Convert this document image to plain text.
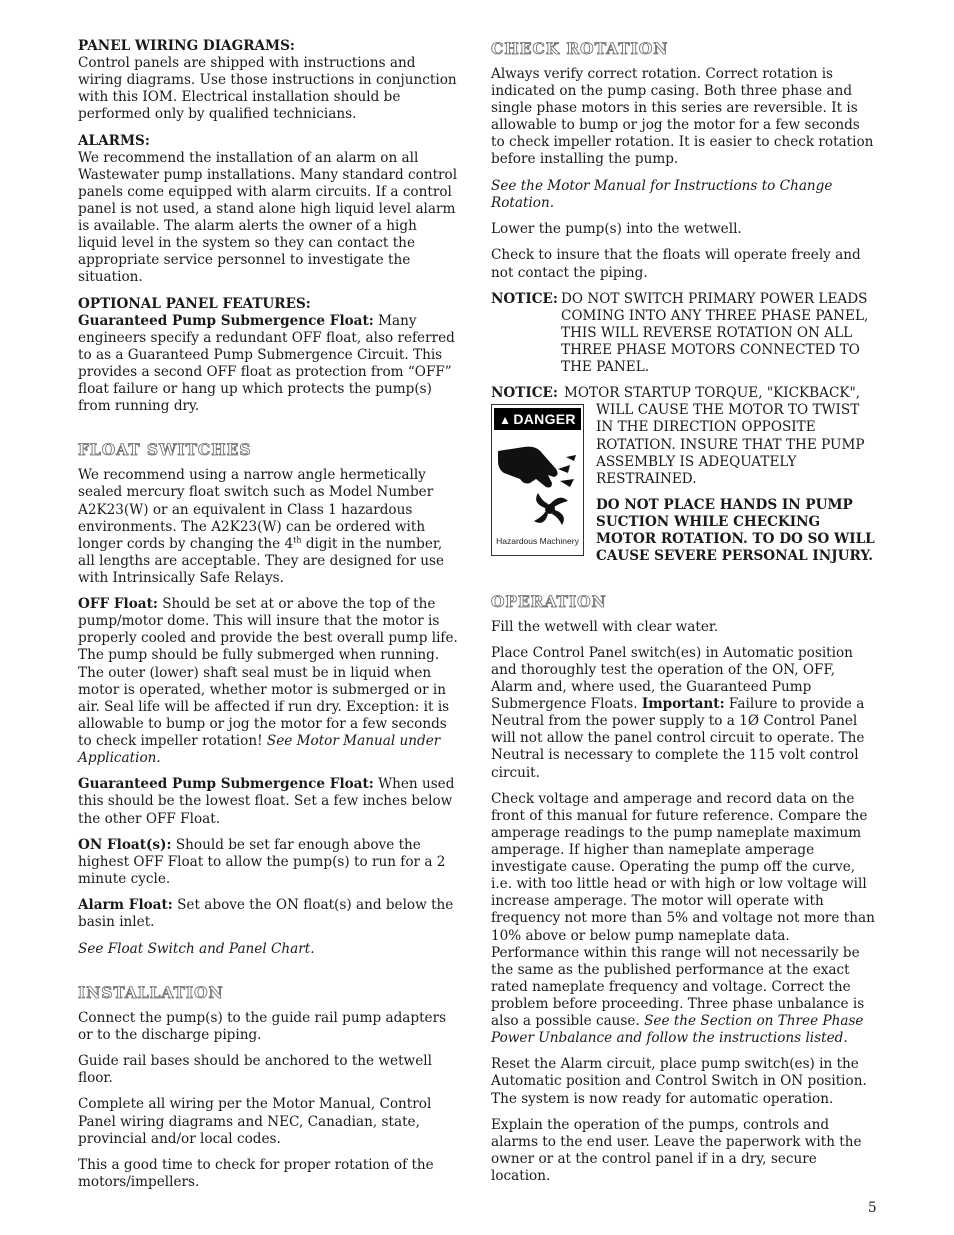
PANEL WIRING DIAGRAMS:
Control panels are shipped with instructions and wiring diagrams. Use those instructions in conjunction with this IOM. Electrical installation should be performed only by qualified technicians.

ALARMS:
We recommend the installation of an alarm on all Wastewater pump installations. Many standard control panels come equipped with alarm circuits. If a control panel is not used, a stand alone high liquid level alarm is available. The alarm alerts the owner of a high liquid level in the system so they can contact the appropriate service personnel to investigate the situation.

OPTIONAL PANEL FEATURES:
Guaranteed Pump Submergence Float: Many engineers specify a redundant OFF float, also referred to as a Guaranteed Pump Submergence Circuit. This provides a second OFF float as protection from “OFF” float failure or hang up which protects the pump(s) from running dry.

FLOAT SWITCHES

We recommend using a narrow angle hermetically sealed mercury float switch such as Model Number A2K23(W) or an equivalent in Class 1 hazardous environments. The A2K23(W) can be ordered with longer cords by changing the 4th digit in the number, all lengths are acceptable. They are designed for use with Intrinsically Safe Relays.

OFF Float: Should be set at or above the top of the pump/motor dome. This will insure that the motor is properly cooled and provide the best overall pump life. The pump should be fully submerged when running. The outer (lower) shaft seal must be in liquid when motor is operated, whether motor is submerged or in air. Seal life will be affected if run dry. Exception: it is allowable to bump or jog the motor for a few seconds to check impeller rotation! See Motor Manual under Application.

Guaranteed Pump Submergence Float: When used this should be the lowest float. Set a few inches below the other OFF Float.

ON Float(s): Should be set far enough above the highest OFF Float to allow the pump(s) to run for a 2 minute cycle.

Alarm Float: Set above the ON float(s) and below the basin inlet.

See Float Switch and Panel Chart.

INSTALLATION

Connect the pump(s) to the guide rail pump adapters or to the discharge piping.

Guide rail bases should be anchored to the wetwell floor.

Complete all wiring per the Motor Manual, Control Panel wiring diagrams and NEC, Canadian, state, provincial and/or local codes.

This a good time to check for proper rotation of the motors/impellers.

CHECK ROTATION

Always verify correct rotation. Correct rotation is indicated on the pump casing. Both three phase and single phase motors in this series are reversible. It is allowable to bump or jog the motor for a few seconds to check impeller rotation. It is easier to check rotation before installing the pump.

See the Motor Manual for Instructions to Change Rotation.

Lower the pump(s) into the wetwell.

Check to insure that the floats will operate freely and not contact the piping.

NOTICE: DO NOT SWITCH PRIMARY POWER LEADS COMING INTO ANY THREE PHASE PANEL, THIS WILL REVERSE ROTATION ON ALL THREE PHASE MOTORS CONNECTED TO THE PANEL.
NOTICE: MOTOR STARTUP TORQUE, "KICKBACK",
▲ DANGER
Hazardous Machinery

WILL CAUSE THE MOTOR TO TWIST IN THE DIRECTION OPPOSITE ROTATION. INSURE THAT THE PUMP ASSEMBLY IS ADEQUATELY RESTRAINED.

DO NOT PLACE HANDS IN PUMP SUCTION WHILE CHECKING MOTOR ROTATION. TO DO SO WILL CAUSE SEVERE PERSONAL INJURY.

OPERATION

Fill the wetwell with clear water.

Place Control Panel switch(es) in Automatic position and thoroughly test the operation of the ON, OFF, Alarm and, where used, the Guaranteed Pump Submergence Floats. Important: Failure to provide a Neutral from the power supply to a 1Ø Control Panel will not allow the panel control circuit to operate. The Neutral is necessary to complete the 115 volt control circuit.

Check voltage and amperage and record data on the front of this manual for future reference. Compare the amperage readings to the pump nameplate maximum amperage. If higher than nameplate amperage investigate cause. Operating the pump off the curve, i.e. with too little head or with high or low voltage will increase amperage. The motor will operate with frequency not more than 5% and voltage not more than 10% above or below pump nameplate data. Performance within this range will not necessarily be the same as the published performance at the exact rated nameplate frequency and voltage. Correct the problem before proceeding. Three phase unbalance is also a possible cause. See the Section on Three Phase Power Unbalance and follow the instructions listed.

Reset the Alarm circuit, place pump switch(es) in the Automatic position and Control Switch in ON position. The system is now ready for automatic operation.

Explain the operation of the pumps, controls and alarms to the end user. Leave the paperwork with the owner or at the control panel if in a dry, secure location.

5
